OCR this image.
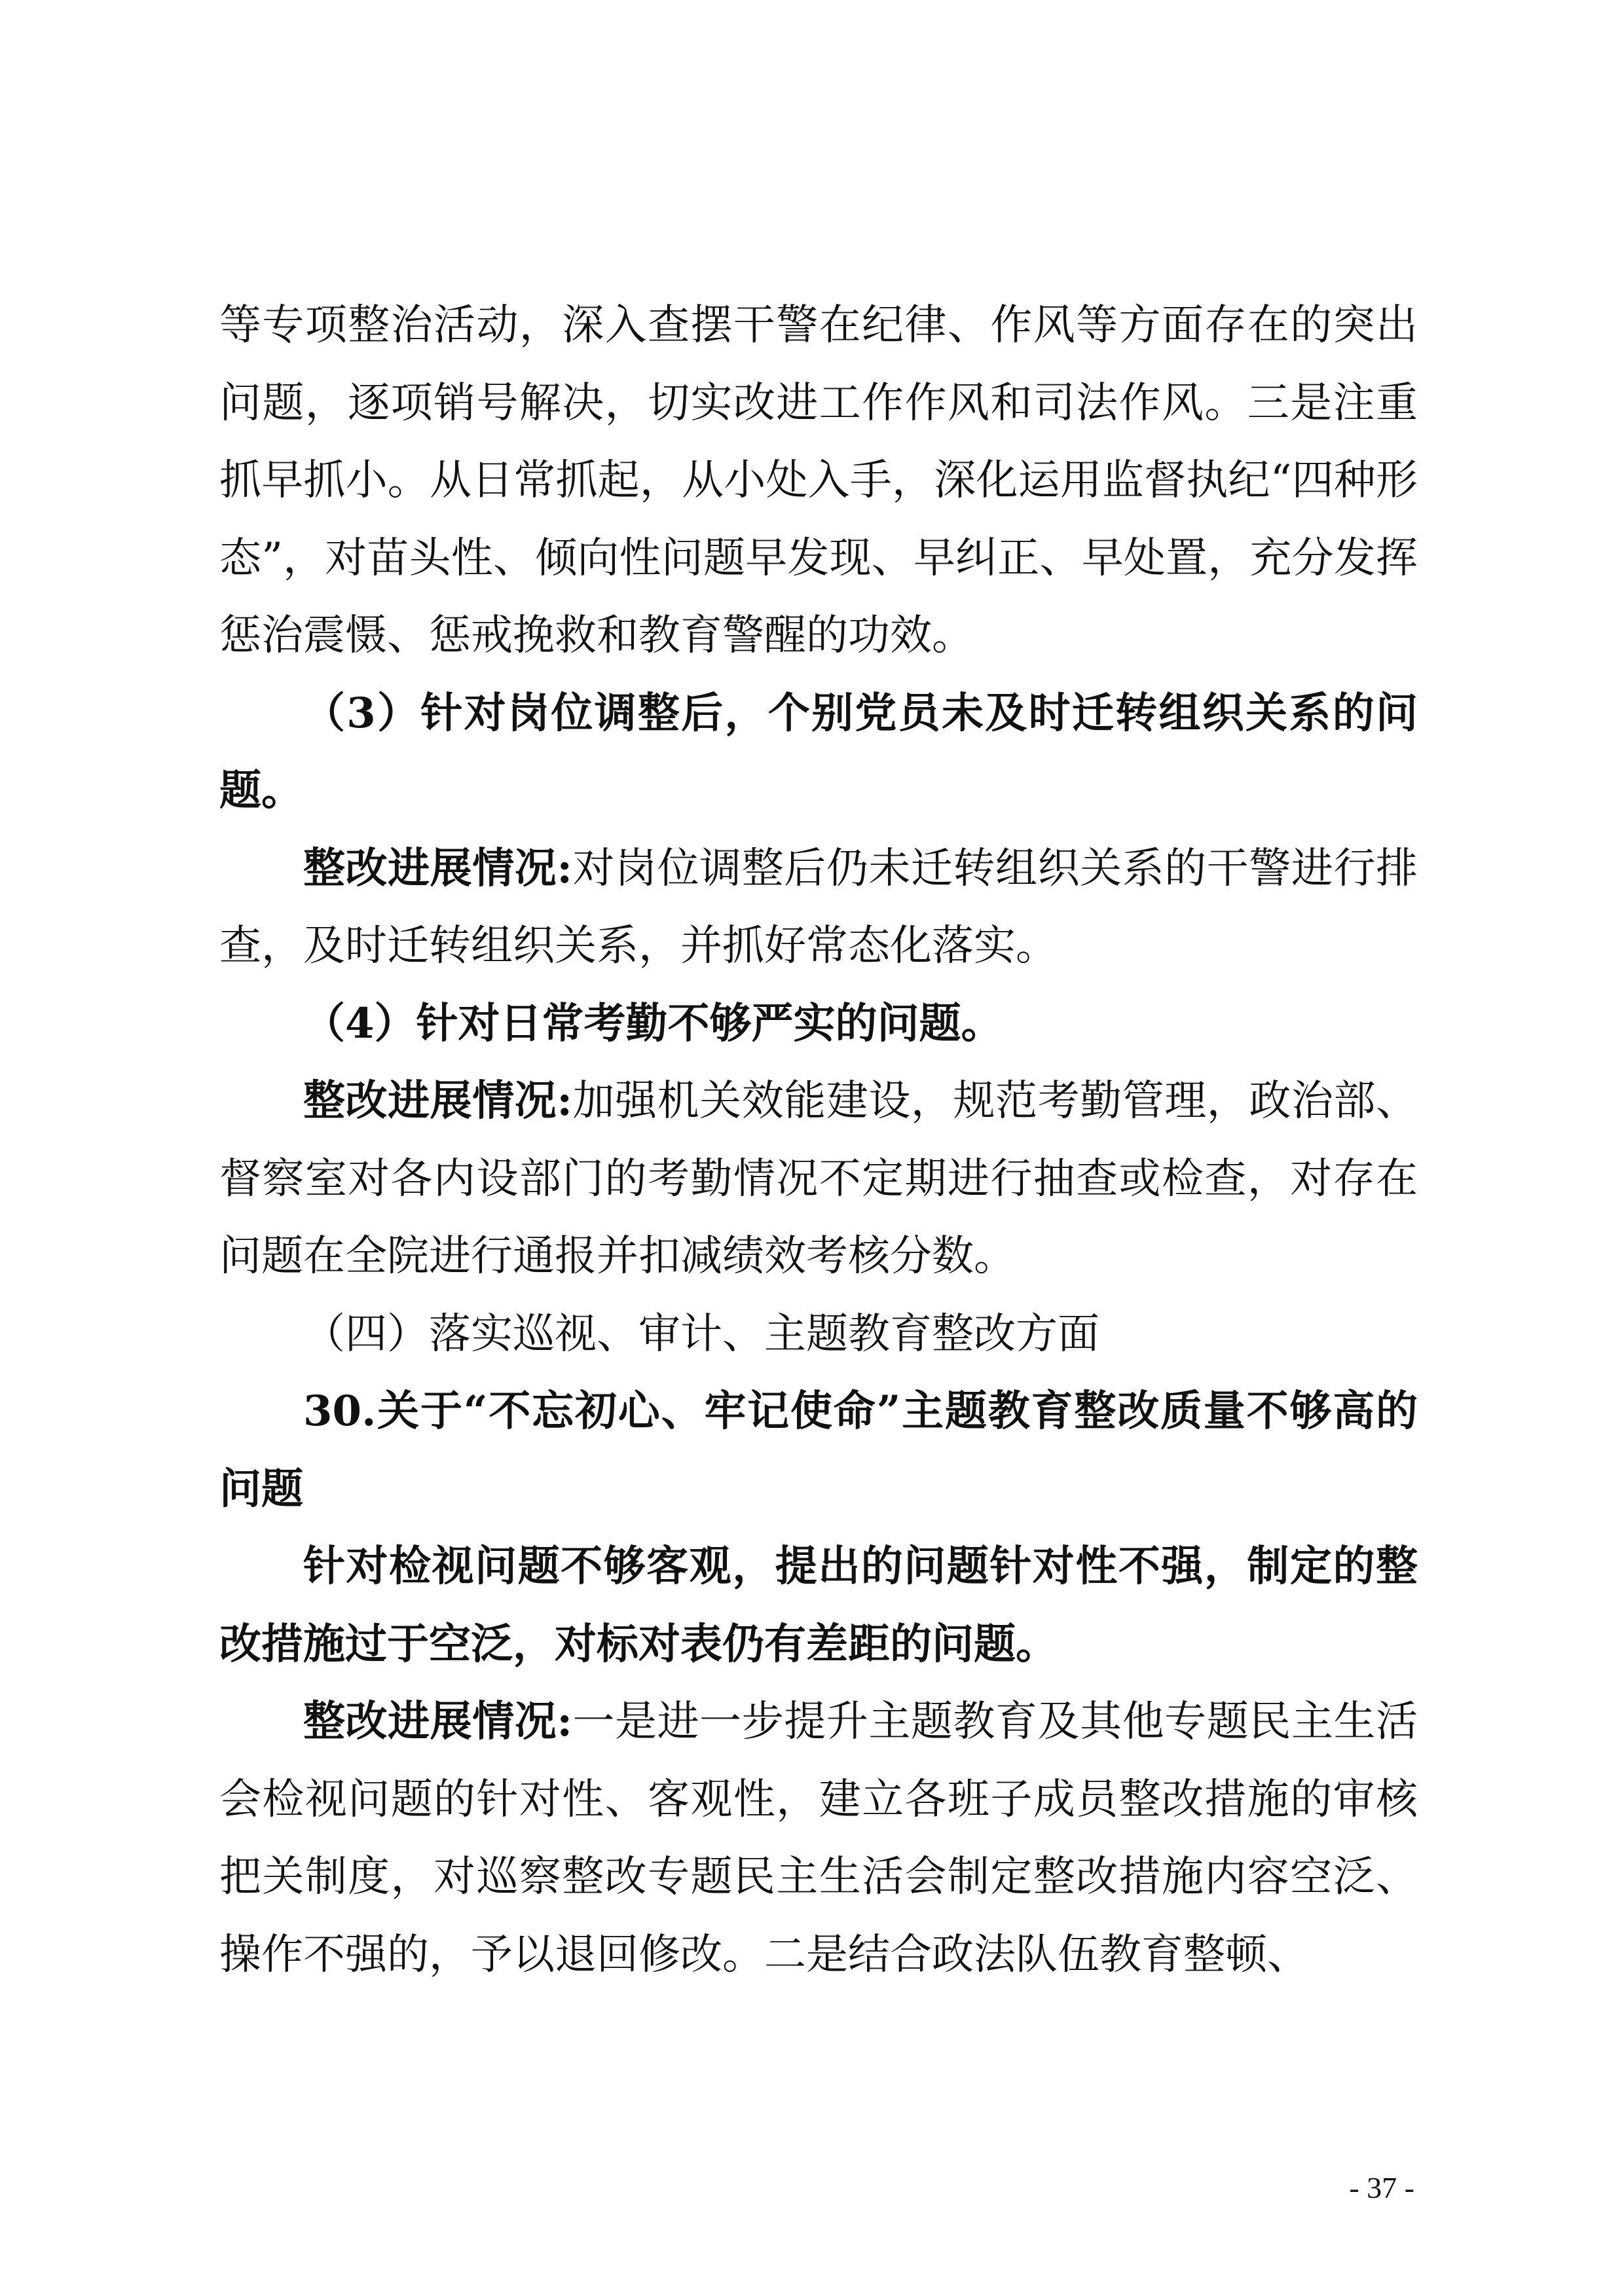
等专项整治活动，深入查摆干警在纪律、作风等方面存在的突出问题，逐项销号解决，切实改进工作作风和司法作风。三是注重抓早抓小。从日常抓起，从小处入手，深化运用监督执纪“四种形态”，对苗头性、倾向性问题早发现、早纠正、早处置，充分发挥惩治震慑、惩戒挽救和教育警醒的功效。

（3）针对岗位调整后，个别党员未及时迁转组织关系的问题。

整改进展情况:对岗位调整后仍未迁转组织关系的干警进行排查，及时迁转组织关系，并抓好常态化落实。

（4）针对日常考勤不够严实的问题。

整改进展情况:加强机关效能建设，规范考勤管理，政治部、督察室对各内设部门的考勤情况不定期进行抽查或检查，对存在问题在全院进行通报并扣减绩效考核分数。

（四）落实巡视、审计、主题教育整改方面

30.关于“不忘初心、牢记使命”主题教育整改质量不够高的问题

针对检视问题不够客观，提出的问题针对性不强，制定的整改措施过于空泛，对标对表仍有差距的问题。

整改进展情况:一是进一步提升主题教育及其他专题民主生活会检视问题的针对性、客观性，建立各班子成员整改措施的审核把关制度，对巡察整改专题民主生活会制定整改措施内容空泛、操作不强的，予以退回修改。二是结合政法队伍教育整顿、

- 37 -
